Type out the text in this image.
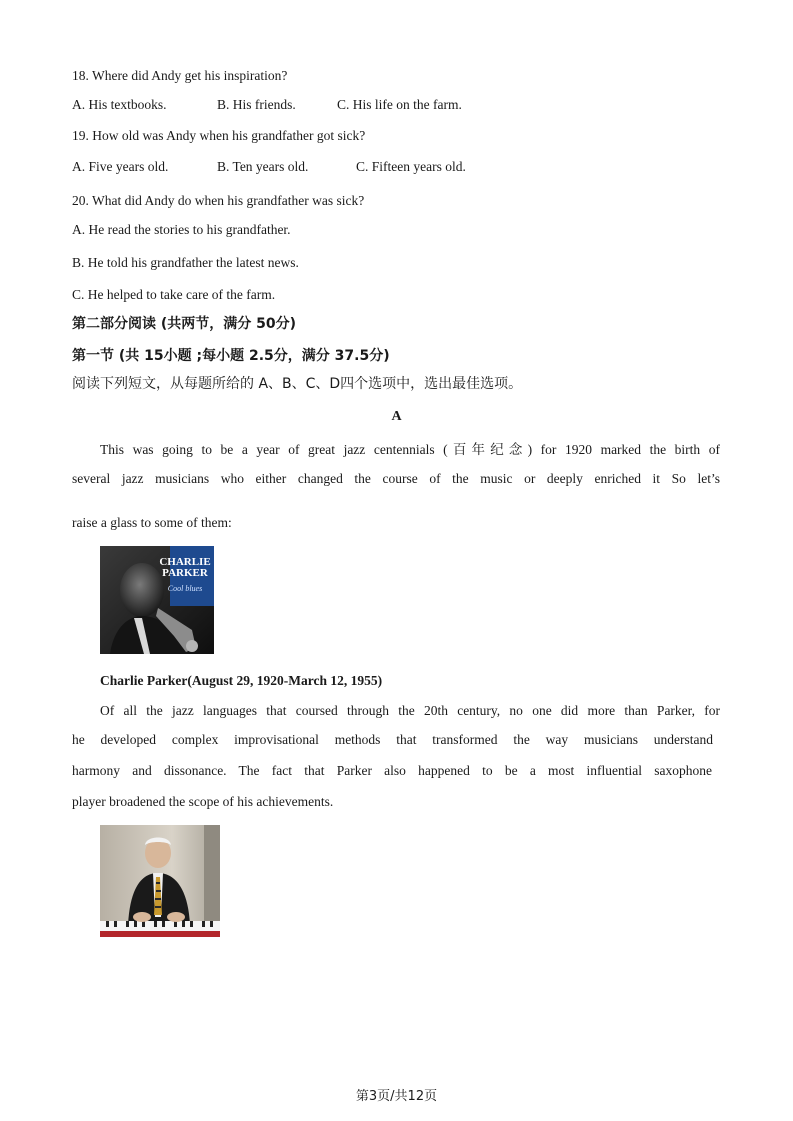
18. Where did Andy get his inspiration?
A. His textbooks.	B. His friends.	C. His life on the farm.
19. How old was Andy when his grandfather got sick?
A. Five years old.	B. Ten years old.	C. Fifteen years old.
20. What did Andy do when his grandfather was sick?
A. He read the stories to his grandfather.
B. He told his grandfather the latest news.
C. He helped to take care of the farm.
第二部分阅读 (共两节，满分 50分)
第一节 (共 15小题 ;每小题 2.5分，满分 37.5分)
阅读下列短文，从每题所给的 A、B、C、D四个选项中，选出最佳选项。
A
This was going to be a year of great jazz centennials (百年纪念) for 1920 marked the birth of
several jazz musicians who either changed the course of the music or deeply enriched it So let’s
raise a glass to some of them:
CHARLIE
PARKER
Cool blues
Charlie Parker(August 29, 1920-March 12, 1955)
Of all the jazz languages that coursed through the 20th century, no one did more than Parker, for
he developed complex improvisational methods that transformed the way musicians understand
harmony and dissonance. The fact that Parker also happened to be a most influential saxophone
player broadened the scope of his achievements.
第3页/共12页
